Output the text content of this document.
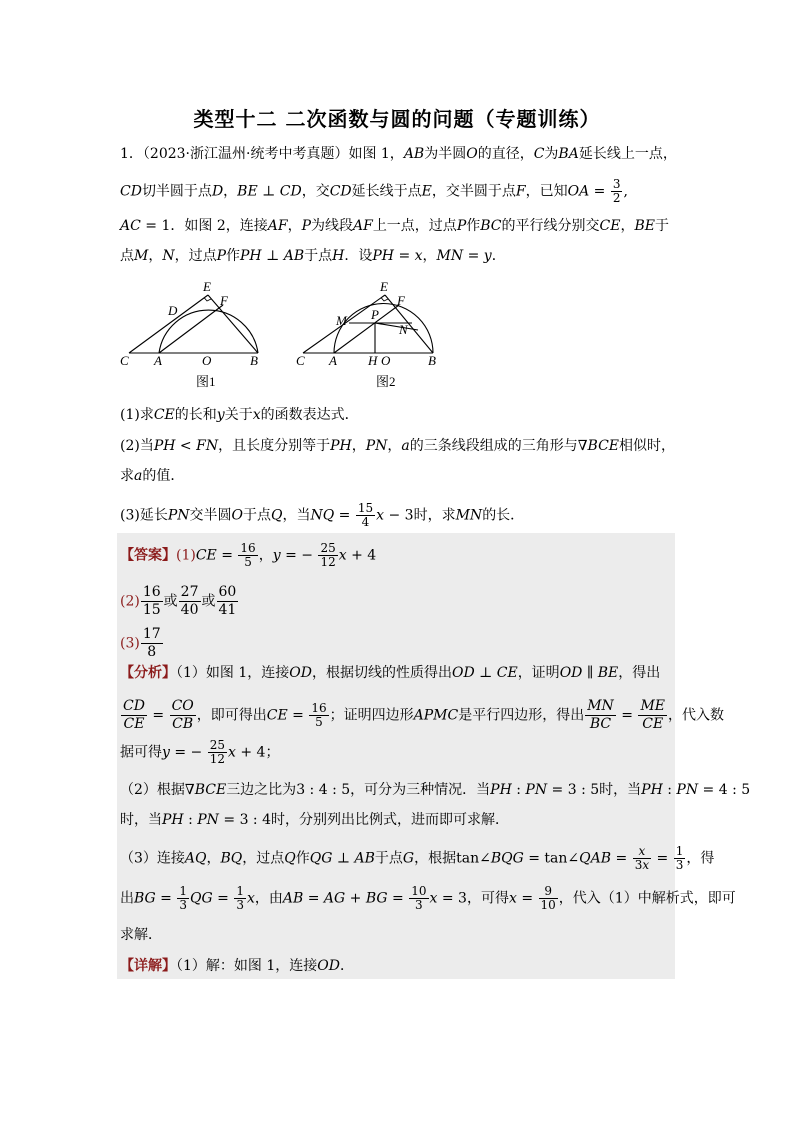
类型十二 二次函数与圆的问题（专题训练）
1．（2023·浙江温州·统考中考真题）如图 1，AB为半圆O的直径，C为BA延长线上一点，
CD切半圆于点D，BE ⊥ CD，交CD延长线于点E，交半圆于点F，已知OA = $\frac{3}{2}$ ,
AC = 1．如图 2，连接AF，P为线段AF上一点，过点P作BC的平行线分别交CE，BE于
点M，N，过点P作PH ⊥ AB于点H．设PH = x，MN = y．
E
D
F
C A	O	B
图1
E
F
M P
N
C A H O	B
图2
(1)求CE的长和y关于x的函数表达式．
(2)当PH < FN，且长度分别等于PH，PN，a的三条线段组成的三角形与∇BCE相似时，
求a的值．
(3)延长PN交半圆O于点Q，当NQ = $\frac{15}{4}$ x − 3时，求MN的长．
【答案】$(1)CE = \frac{16}{5}$ ，y = − $\frac{25}{12}$ x + 4
$(2) \frac{16}{15}$ 或 $\frac{27}{40}$ 或 $\frac{60}{41}$
$(3) \frac{17}{8}$
【分析】（1）如图 1，连接OD，根据切线的性质得出OD ⊥ CE，证明OD ∥ BE，得出
$\frac{CD}{CE} = \frac{CO}{CB}$ ，即可得出CE = $\frac{16}{5}$ ；证明四边形APMC是平行四边形，得出 $\frac{MN}{BC} = \frac{ME}{CE}$ ，代入数
据可得y = − $\frac{25}{12}$ x + 4；
（2）根据∇BCE三边之比为3 : 4 : 5，可分为三种情况．当PH : PN = 3 : 5时，当PH : PN = 4 : 5
时，当PH : PN = 3 : 4时，分别列出比例式，进而即可求解．
（3）连接AQ，BQ，过点Q作QG ⊥ AB于点G，根据tan∠BQG = tan∠QAB = $\frac{x}{3x} = \frac{1}{3}$ ，得
出BG = $\frac{1}{3}$ QG = $\frac{1}{3}$ x，由AB = AG + BG = $\frac{10}{3}$ x = 3，可得$x = \frac{9}{10}$ ，代入（1）中解析式，即可
求解．
【详解】（1）解：如图 1，连接OD．
